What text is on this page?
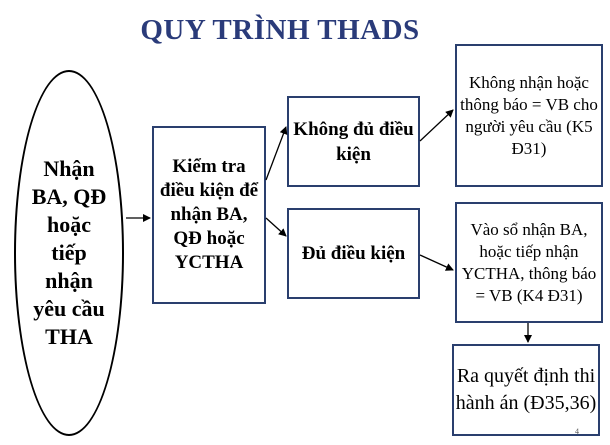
QUY TRÌNH THADS
Nhận BA, QĐ hoặc tiếp nhận yêu cầu THA
Kiểm tra điều kiện để nhận BA, QĐ hoặc YCTHA
Không đủ điều kiện
Đủ điều kiện
Không nhận hoặc thông báo = VB cho người yêu cầu (K5 Đ31)
Vào sổ nhận BA, hoặc tiếp nhận YCTHA, thông báo = VB (K4 Đ31)
Ra quyết định thi hành án (Đ35,36)
4
